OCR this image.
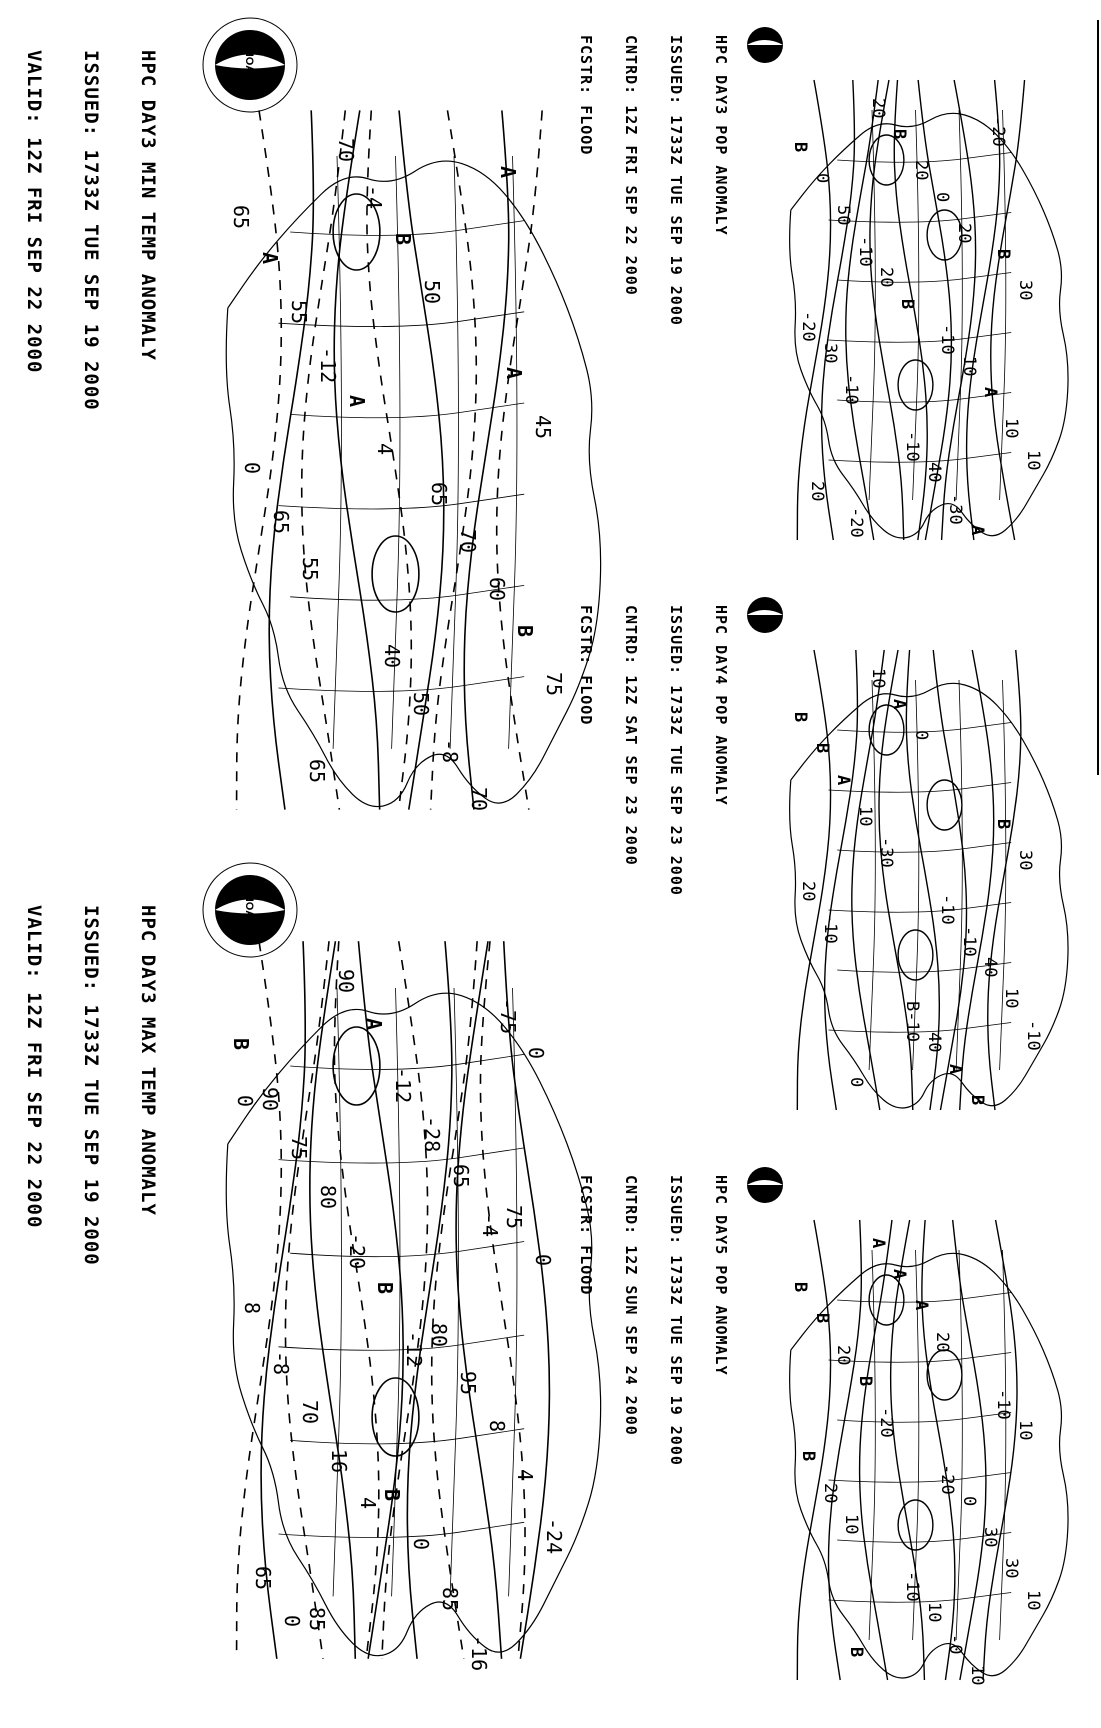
NOAA

HPC DAY3 MIN TEMP ANOMALY

ISSUED: 1733Z TUE SEP 19 2000

VALID: 12Z FRI SEP 22 2000

	65
65
65
A
40
A
70
70
45
50
55
60
-4
0
-8
-12
B
B
65
70
A
75
50
55
A
4
NOAA

HPC DAY3 MAX TEMP ANOMALY

ISSUED: 1733Z TUE SEP 19 2000

VALID: 12Z FRI SEP 22 2000

	B
80
85
75
B
90
95
90
0
0
75
8
A
8
85
80
4
-12
-8
-16
-20
-24
-28
70
-75
B
65
65
16
0
-12
0
-4
4
0

HPC DAY3 POP ANOMALY

ISSUED: 1733Z TUE SEP 19 2000

CNTRD: 12Z FRI SEP 22 2000

FCSTR: FLOOD

	B
-10
-20
B
-10
0
10
20
30
40
50
A
B
-20
-30
-10
10
20
30
A
20
10
0
-10
-20
B
20
20

HPC DAY4 POP ANOMALY

ISSUED: 1733Z TUE SEP 23 2000

CNTRD: 12Z SAT SEP 23 2000

FCSTR: FLOOD

	B
-10
0
B
B-10
B
-10
10
30
40
A
40
A
20
A
10
10
0
-10
B
-30
-10

HPC DAY5 POP ANOMALY

ISSUED: 1733Z TUE SEP 19 2000

CNTRD: 12Z SUN SEP 24 2000

FCSTR: FLOOD

	B
-20
B
-10
-10
B
0
A
10
10
20
30
A
B
-0
B
30
A
20
10
-20
10
20
10
